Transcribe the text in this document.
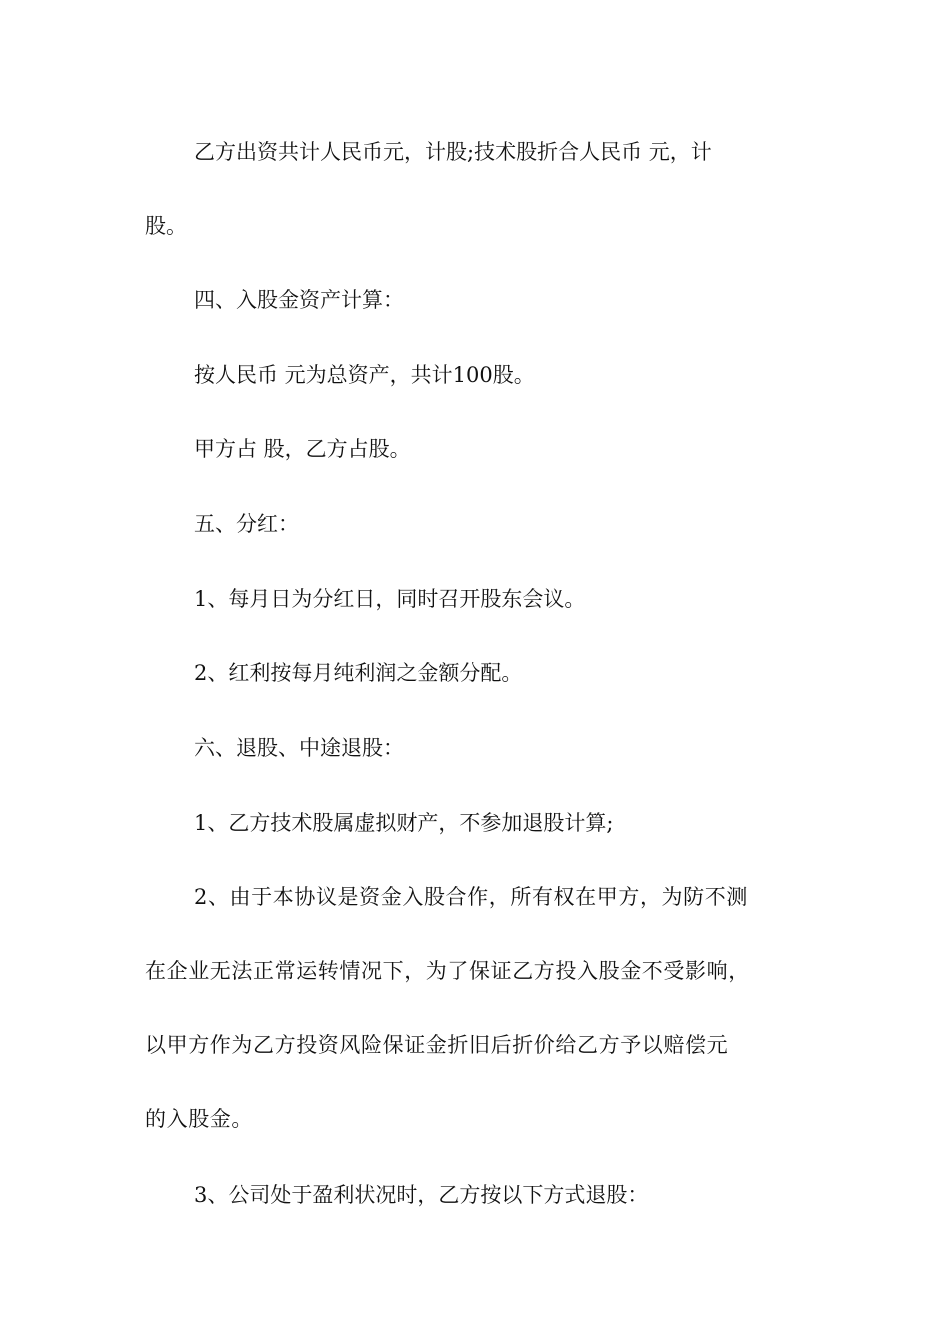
乙方出资共计人民币元，计股;技术股折合人民币 元，计
股。
四、入股金资产计算：
按人民币 元为总资产，共计100股。
甲方占 股，乙方占股。
五、分红：
1、每月日为分红日，同时召开股东会议。
2、红利按每月纯利润之金额分配。
六、退股、中途退股：
1、乙方技术股属虚拟财产，不参加退股计算;
2、由于本协议是资金入股合作，所有权在甲方，为防不测
在企业无法正常运转情况下，为了保证乙方投入股金不受影响，
以甲方作为乙方投资风险保证金折旧后折价给乙方予以赔偿元
的入股金。
3、公司处于盈利状况时，乙方按以下方式退股：
